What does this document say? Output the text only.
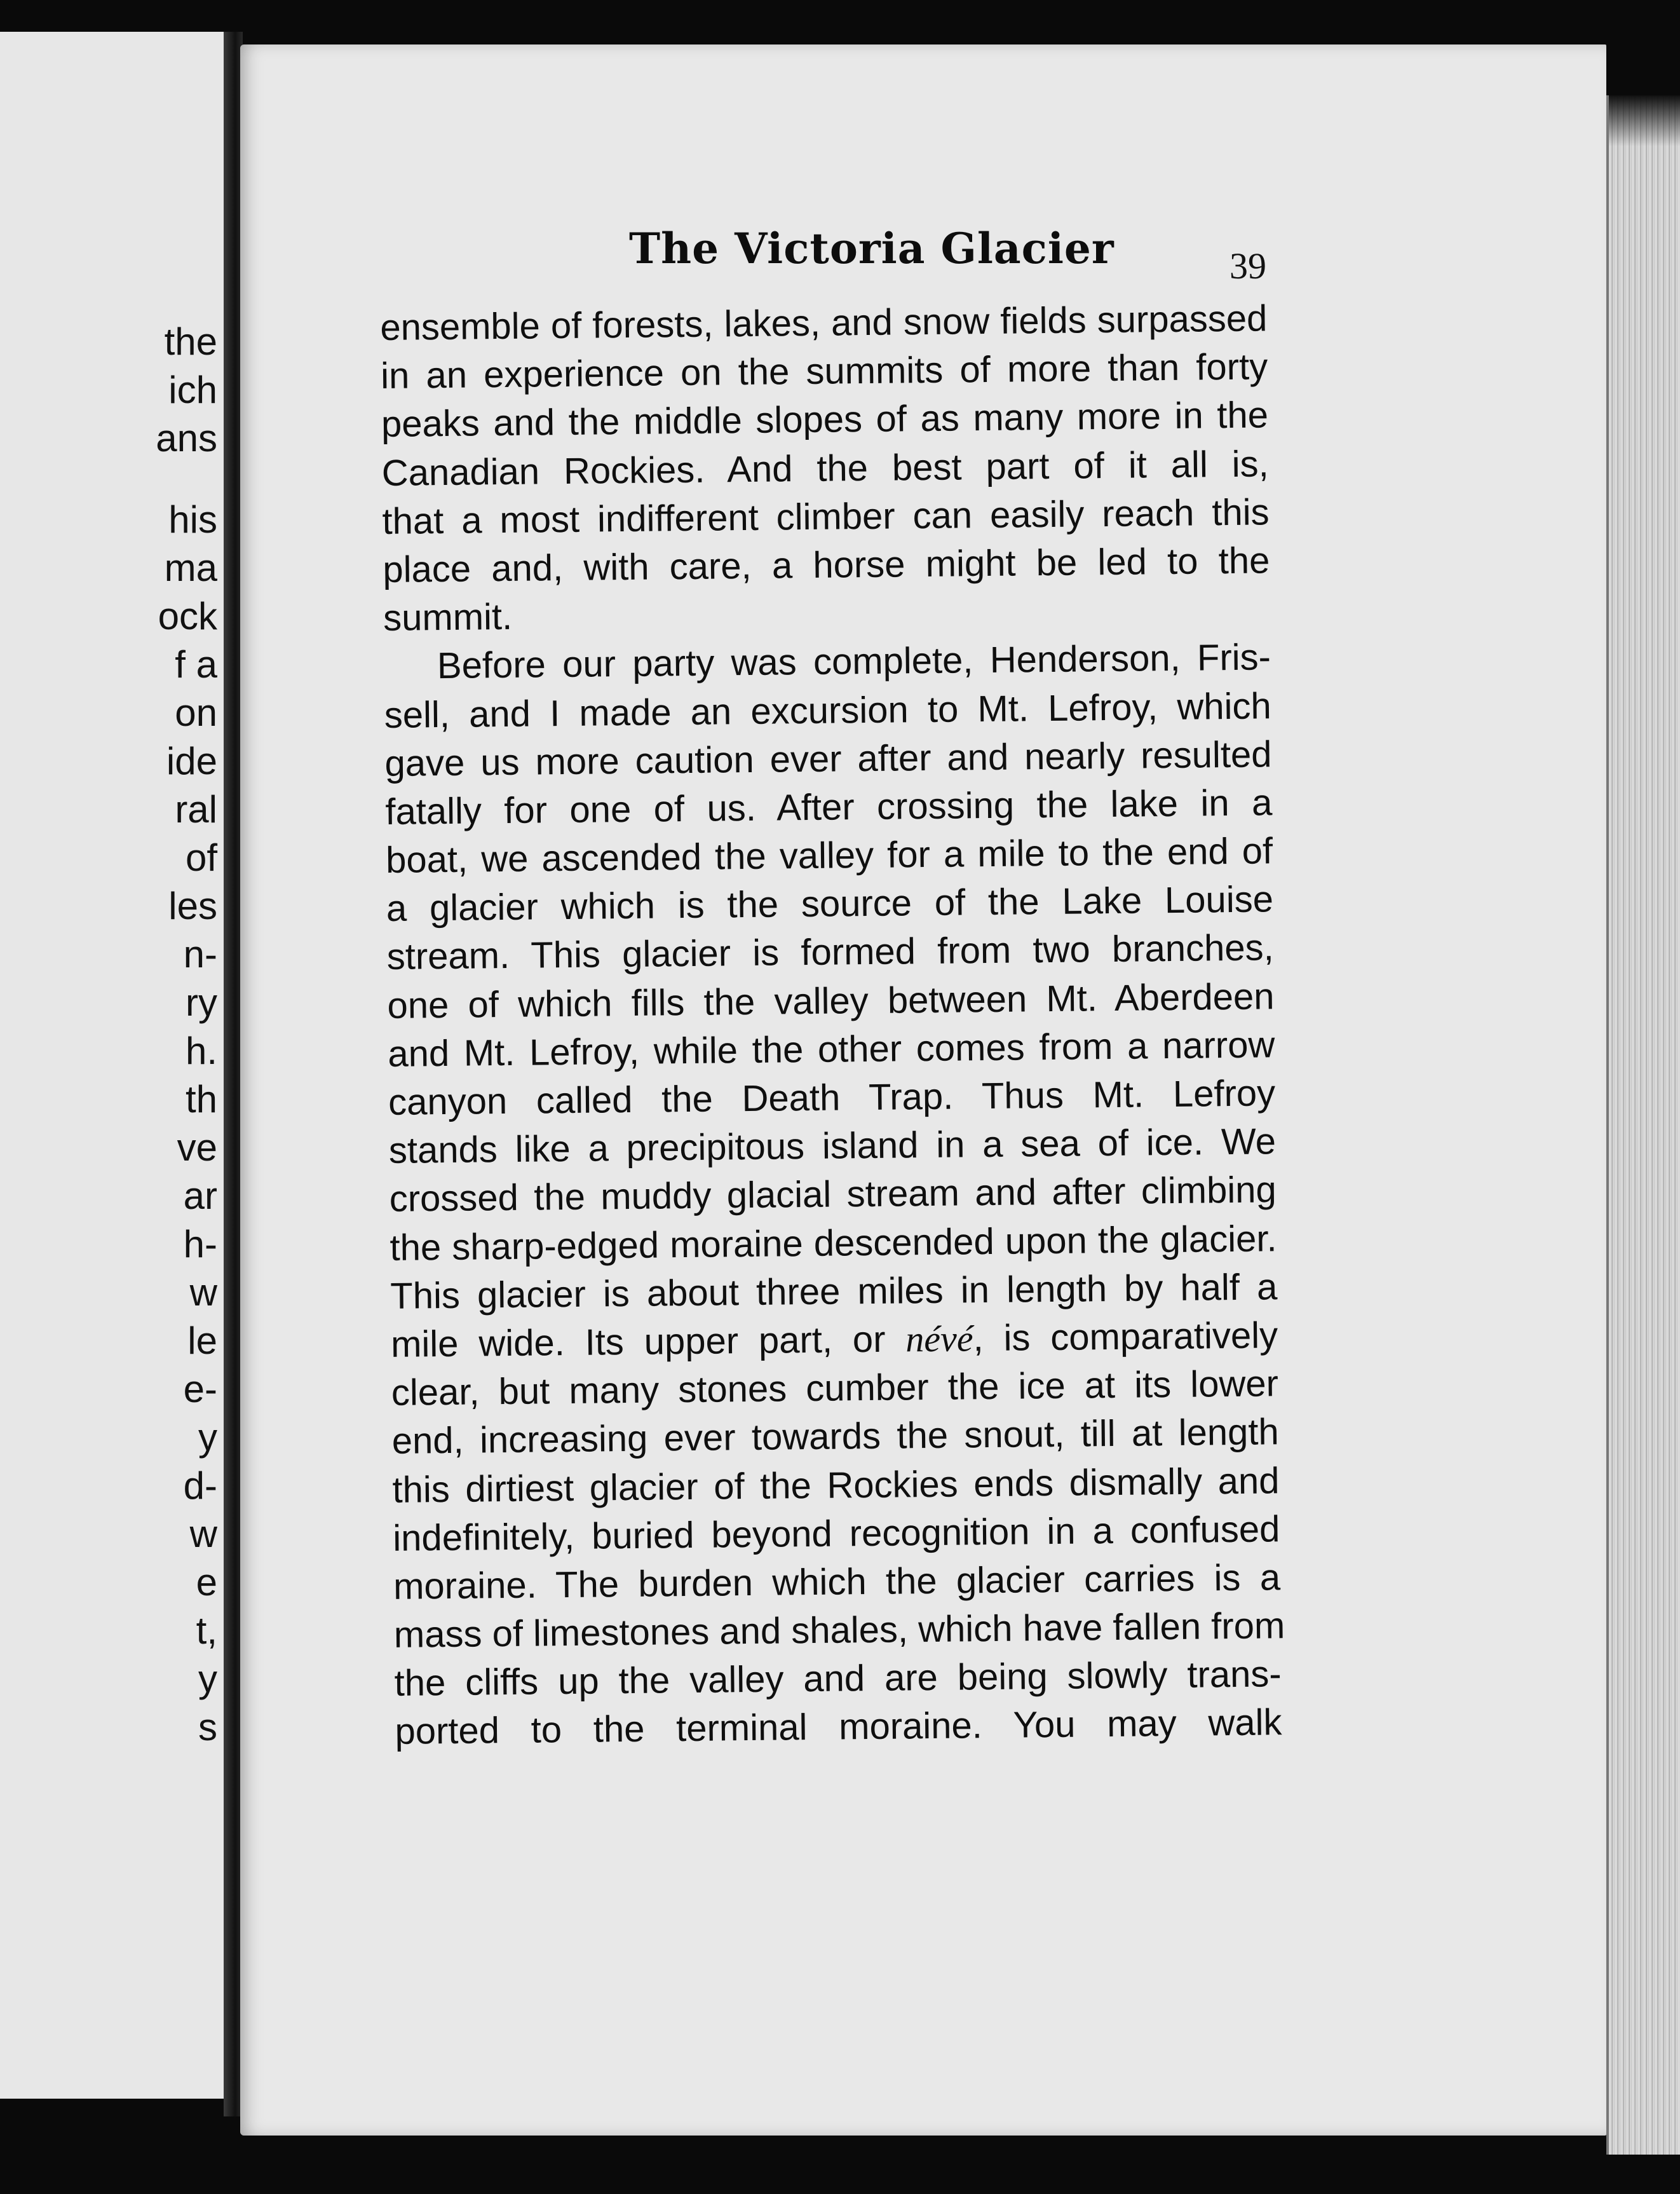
the
ich
ans
his
ma
ock
f a
on
ide
ral
of
les
n-
ry
h.
th
ve
ar
h-
w
le
e-
y
d-
w
e
t,
y
s
The Victoria Glacier	39
ensemble of forests, lakes, and snow fields surpassed
in an experience on the summits of more than forty
peaks and the middle slopes of as many more in the
Canadian Rockies. And the best part of it all is,
that a most indifferent climber can easily reach this
place and, with care, a horse might be led to the
summit.
Before our party was complete, Henderson, Fris-
sell, and I made an excursion to Mt. Lefroy, which
gave us more caution ever after and nearly resulted
fatally for one of us. After crossing the lake in a
boat, we ascended the valley for a mile to the end of
a glacier which is the source of the Lake Louise
stream. This glacier is formed from two branches,
one of which fills the valley between Mt. Aberdeen
and Mt. Lefroy, while the other comes from a narrow
canyon called the Death Trap. Thus Mt. Lefroy
stands like a precipitous island in a sea of ice. We
crossed the muddy glacial stream and after climbing
the sharp-edged moraine descended upon the glacier.
This glacier is about three miles in length by half a
mile wide. Its upper part, or névé, is comparatively
clear, but many stones cumber the ice at its lower
end, increasing ever towards the snout, till at length
this dirtiest glacier of the Rockies ends dismally and
indefinitely, buried beyond recognition in a confused
moraine. The burden which the glacier carries is a
mass of limestones and shales, which have fallen from
the cliffs up the valley and are being slowly trans-
ported to the terminal moraine. You may walk
